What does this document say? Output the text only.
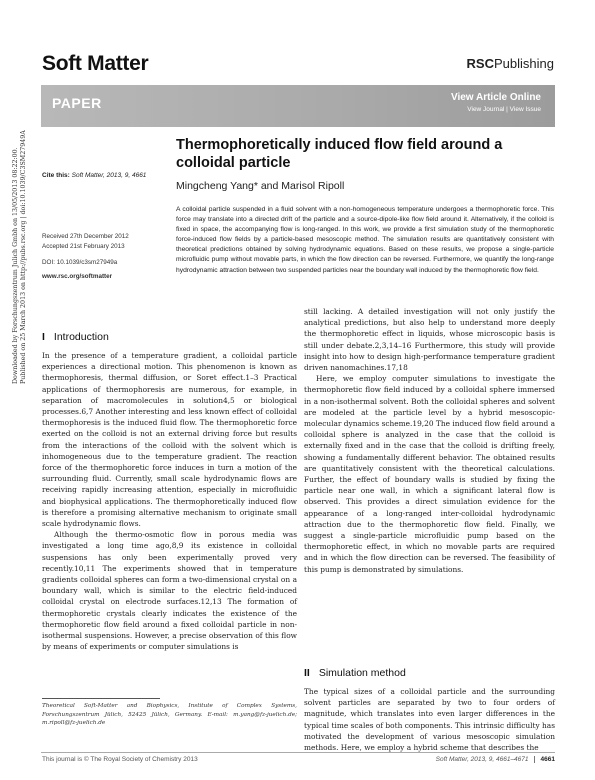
Soft Matter	RSCPublishing
PAPER	View Article Online
View Journal | View Issue
Downloaded by Forschungszentrum Julich Gmbh on 13/05/2013 08:22:00. Published on 25 March 2013 on http://pubs.rsc.org | doi:10.1039/C3SM27949A	Thermophoretically induced flow field around a colloidal particle
Cite this: Soft Matter, 2013, 9, 4661
Mingcheng Yang* and Marisol Ripoll
A colloidal particle suspended in a fluid solvent with a non-homogeneous temperature undergoes a thermophoretic force. This force may translate into a directed drift of the particle and a source-dipole-like flow field around it. Alternatively, if the colloid is fixed in space, the accompanying flow is long-ranged. In this work, we provide a first simulation study of the thermophoretic force-induced flow fields by a particle-based mesoscopic method. The simulation results are quantitatively consistent with theoretical predictions obtained by solving hydrodynamic equations. Based on these results, we propose a single-particle microfluidic pump without movable parts, in which the flow direction can be reversed. Furthermore, we quantify the long-range hydrodynamic attraction between two suspended particles near the boundary wall induced by the thermophoretic flow field.
Received 27th December 2012
Accepted 21st February 2013
DOI: 10.1039/c3sm27949a
www.rsc.org/softmatter
I Introduction

In the presence of a temperature gradient, a colloidal particle experiences a directional motion. This phenomenon is known as thermophoresis, thermal diffusion, or Soret effect.1–3 Practical applications of thermophoresis are numerous, for example, in separation of macromolecules in solution4,5 or biological processes.6,7 Another interesting and less known effect of colloidal thermophoresis is the induced fluid flow. The thermophoretic force exerted on the colloid is not an external driving force but results from the interactions of the colloid with the solvent which is inhomogeneous due to the temperature gradient. The reaction force of the thermophoretic force induces in turn a motion of the surrounding fluid. Currently, small scale hydrodynamic flows are receiving rapidly increasing attention, especially in microfluidic and biophysical applications. The thermophoretically induced flow is therefore a promising alternative mechanism to originate small scale hydrodynamic flows.

Although the thermo-osmotic flow in porous media was investigated a long time ago,8,9 its existence in colloidal suspensions has only been experimentally proved very recently.10,11 The experiments showed that in temperature gradients colloidal spheres can form a two-dimensional crystal on a boundary wall, which is similar to the electric field-induced colloidal crystal on electrode surfaces.12,13 The formation of thermophoretic crystals clearly indicates the existence of the thermophoretic flow field around a fixed colloidal particle in non-isothermal suspensions. However, a precise observation of this flow by means of experiments or computer simulations is

still lacking. A detailed investigation will not only justify the analytical predictions, but also help to understand more deeply the thermophoretic effect in liquids, whose microscopic basis is still under debate.2,3,14–16 Furthermore, this study will provide insight into how to design high-performance temperature gradient driven nanomachines.17,18

Here, we employ computer simulations to investigate the thermophoretic flow field induced by a colloidal sphere immersed in a non-isothermal solvent. Both the colloidal spheres and solvent are modeled at the particle level by a hybrid mesoscopic-molecular dynamics scheme.19,20 The induced flow field around a colloidal sphere is analyzed in the case that the colloid is externally fixed and in the case that the colloid is drifting freely, showing a fundamentally different behavior. The obtained results are quantitatively consistent with the theoretical calculations. Further, the effect of boundary walls is studied by fixing the particle near one wall, in which a significant lateral flow is observed. This provides a direct simulation evidence for the appearance of a long-ranged inter-colloidal hydrodynamic attraction due to the thermophoretic flow field. Finally, we suggest a single-particle microfluidic pump based on the thermophoretic effect, in which no movable parts are required and in which the flow direction can be reversed. The feasibility of this pump is demonstrated by simulations.

II Simulation method
The typical sizes of a colloidal particle and the surrounding solvent particles are separated by two to four orders of magnitude, which translates into even larger differences in the typical time scales of both components. This intrinsic difficulty has motivated the development of various mesoscopic simulation methods. Here, we employ a hybrid scheme that describes the
Theoretical Soft-Matter and Biophysics, Institute of Complex Systems, Forschungszentrum Jülich, 52425 Jülich, Germany. E-mail: m.yang@fz-juelich.de; m.ripoll@fz-juelich.de
This journal is © The Royal Society of Chemistry 2013	Soft Matter, 2013, 9, 4661–4671 4661
